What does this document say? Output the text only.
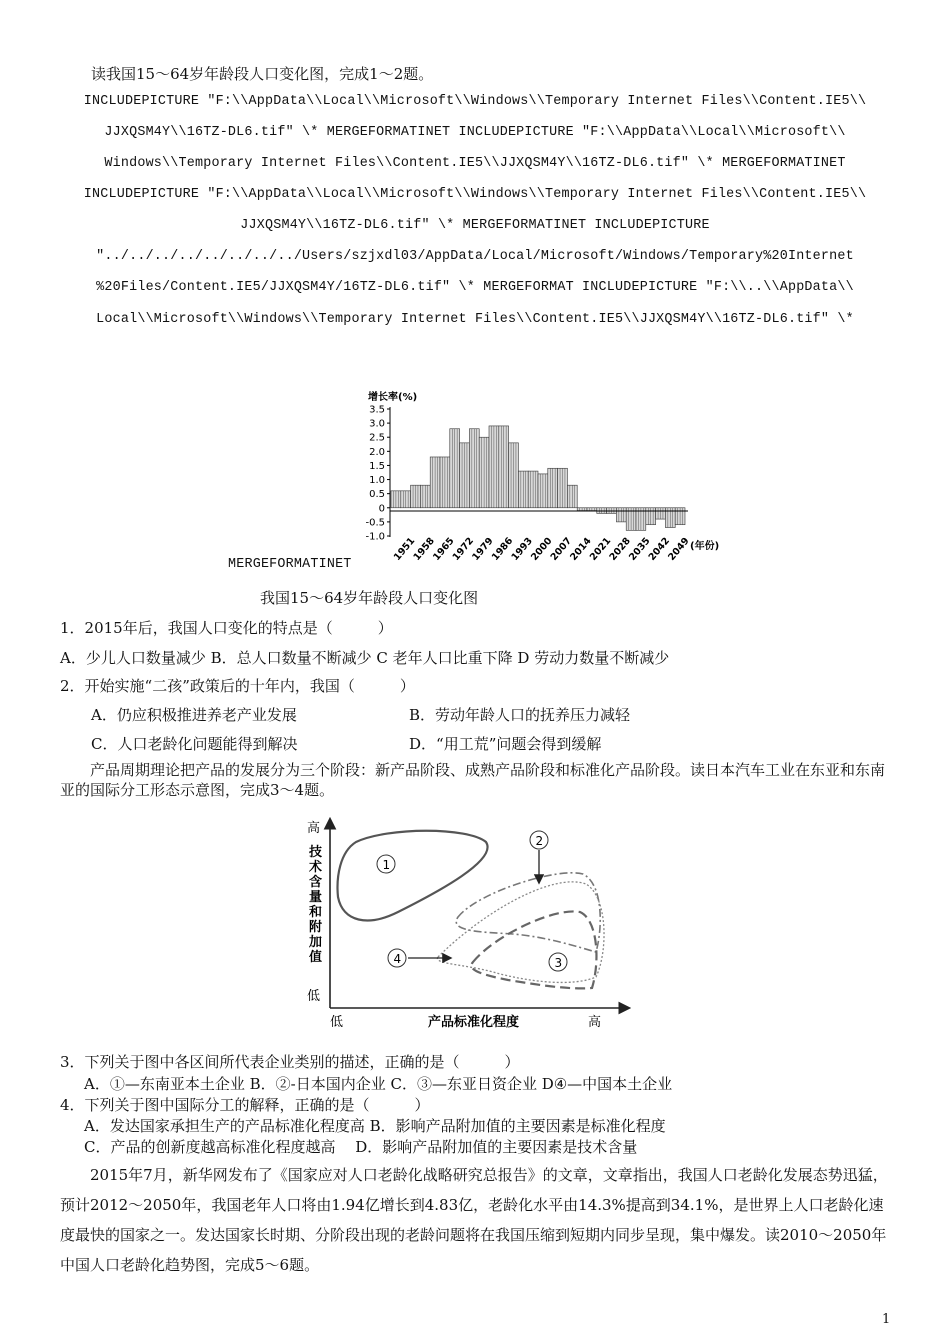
读我国15～64岁年龄段人口变化图，完成1～2题。
INCLUDEPICTURE "F:\\AppData\\Local\\Microsoft\\Windows\\Temporary Internet Files\\Content.IE5\\
JJXQSM4Y\\16TZ-DL6.tif" \* MERGEFORMATINET INCLUDEPICTURE "F:\\AppData\\Local\\Microsoft\\
Windows\\Temporary Internet Files\\Content.IE5\\JJXQSM4Y\\16TZ-DL6.tif" \* MERGEFORMATINET
INCLUDEPICTURE "F:\\AppData\\Local\\Microsoft\\Windows\\Temporary Internet Files\\Content.IE5\\
JJXQSM4Y\\16TZ-DL6.tif" \* MERGEFORMATINET INCLUDEPICTURE
"../../../../../../../../Users/szjxdl03/AppData/Local/Microsoft/Windows/Temporary%20Internet
%20Files/Content.IE5/JJXQSM4Y/16TZ-DL6.tif" \* MERGEFORMAT INCLUDEPICTURE "F:\\..\\AppData\\
Local\\Microsoft\\Windows\\Temporary Internet Files\\Content.IE5\\JJXQSM4Y\\16TZ-DL6.tif" \*
增长率(%)
3.5
3.0
2.5
2.0
1.5
1.0
0.5
0
-0.5
-1.0 1951
1958
1965
1972
1979
1986
1993
2000
2007
2014
2021
2028
2035
2042
2049
(年份)
MERGEFORMATINET
我国15～64岁年龄段人口变化图
1．2015年后，我国人口变化的特点是（　　　）
A．少儿人口数量减少 B．总人口数量不断减少 C 老年人口比重下降 D 劳动力数量不断减少
2．开始实施“二孩”政策后的十年内，我国（　　　）
A．仍应积极推进养老产业发展	B．劳动年龄人口的抚养压力减轻
C．人口老龄化问题能得到解决	D．“用工荒”问题会得到缓解
产品周期理论把产品的发展分为三个阶段：新产品阶段、成熟产品阶段和标准化产品阶段。读日本汽车工业在东亚和东南亚的国际分工形态示意图，完成3～4题。
高
技
术
含
量
和
附
加
值
低
低	产品标准化程度	高
1
2
4	3
3．下列关于图中各区间所代表企业类别的描述，正确的是（　　　）
A．①—东南亚本土企业 B．②-日本国内企业 C．③—东亚日资企业 D④—中国本土企业
4．下列关于图中国际分工的解释，正确的是（　　　）
A．发达国家承担生产的产品标准化程度高 B．影响产品附加值的主要因素是标准化程度
C．产品的创新度越高标准化程度越高　 D．影响产品附加值的主要因素是技术含量
2015年7月，新华网发布了《国家应对人口老龄化战略研究总报告》的文章，文章指出，我国人口老龄化发展态势迅猛，预计2012～2050年，我国老年人口将由1.94亿增长到4.83亿，老龄化水平由14.3%提高到34.1%，是世界上人口老龄化速度最快的国家之一。发达国家长时期、分阶段出现的老龄问题将在我国压缩到短期内同步呈现，集中爆发。读2010～2050年中国人口老龄化趋势图，完成5～6题。
1
